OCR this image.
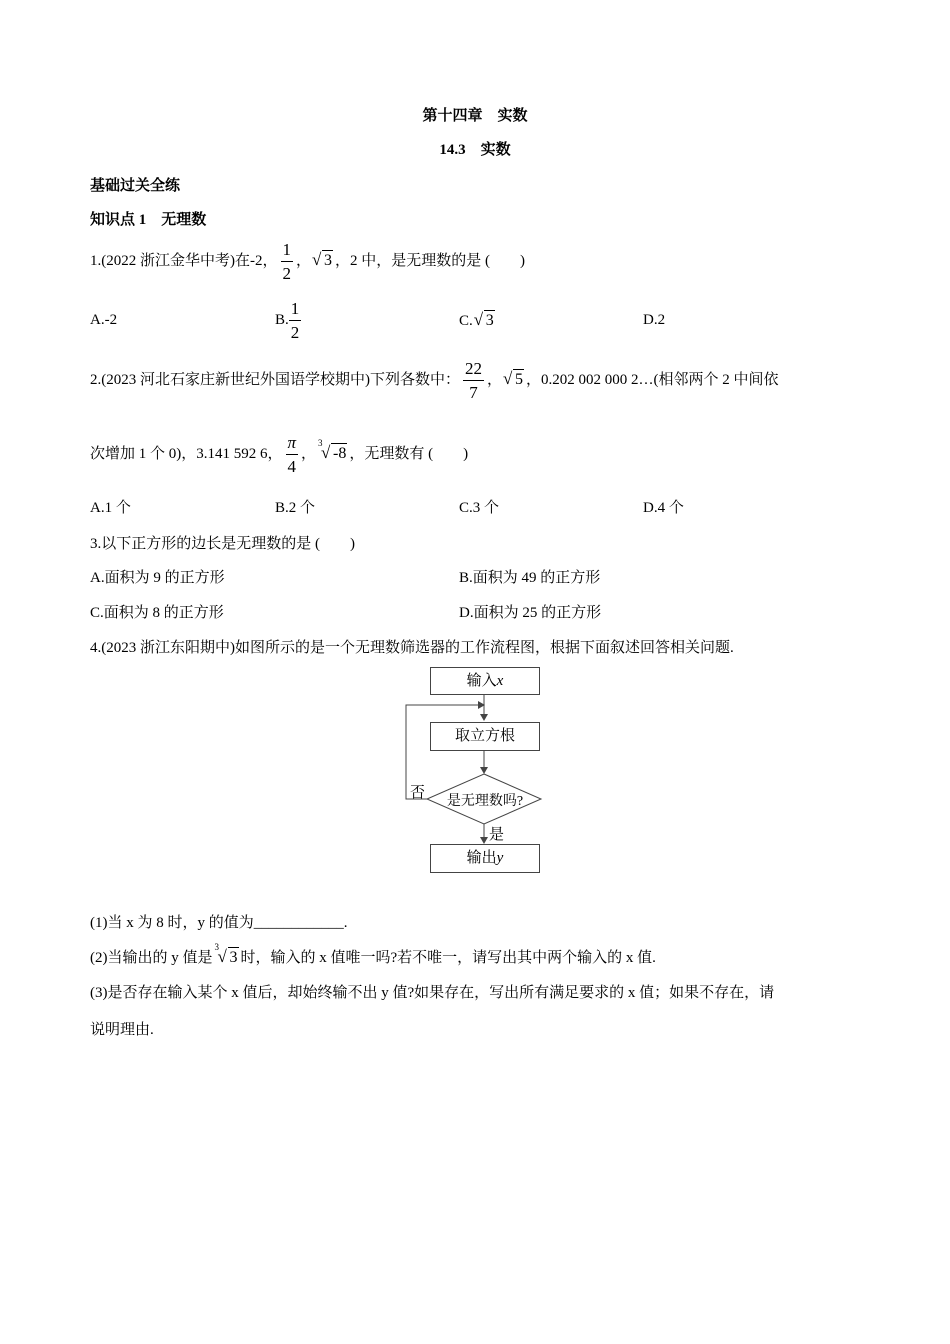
第十四章　实数
14.3　实数
基础过关全练
知识点 1　无理数
1.(2022 浙江金华中考)在-2， $\frac{1}{2}$ ， √ 3 ，2 中，是无理数的是 (　　)
A.-2	B. $\frac{1}{2}$	C. √ 3	D.2
2.(2023 河北石家庄新世纪外国语学校期中)下列各数中： $\frac{22}{7}$ ， √ 5 ，0.202 002 000 2…(相邻两个 2 中间依
次增加 1 个 0)，3.141 592 6， $\frac{\pi}{4}$ ，
3
√ -8 ，无理数有 (　　)
A.1 个	B.2 个	C.3 个	D.4 个
3.以下正方形的边长是无理数的是 (　　)
A.面积为 9 的正方形	B.面积为 49 的正方形
C.面积为 8 的正方形	D.面积为 25 的正方形
4.(2023 浙江东阳期中)如图所示的是一个无理数筛选器的工作流程图，根据下面叙述回答相关问题.
输入x
取立方根
是无理数吗?
否
是
输出y
(1)当 x 为 8 时，y 的值为____________.
(2)当输出的 y 值是
3
√ 3 时，输入的 x 值唯一吗?若不唯一，请写出其中两个输入的 x 值.
(3)是否存在输入某个 x 值后，却始终输不出 y 值?如果存在，写出所有满足要求的 x 值；如果不存在，请
说明理由.
